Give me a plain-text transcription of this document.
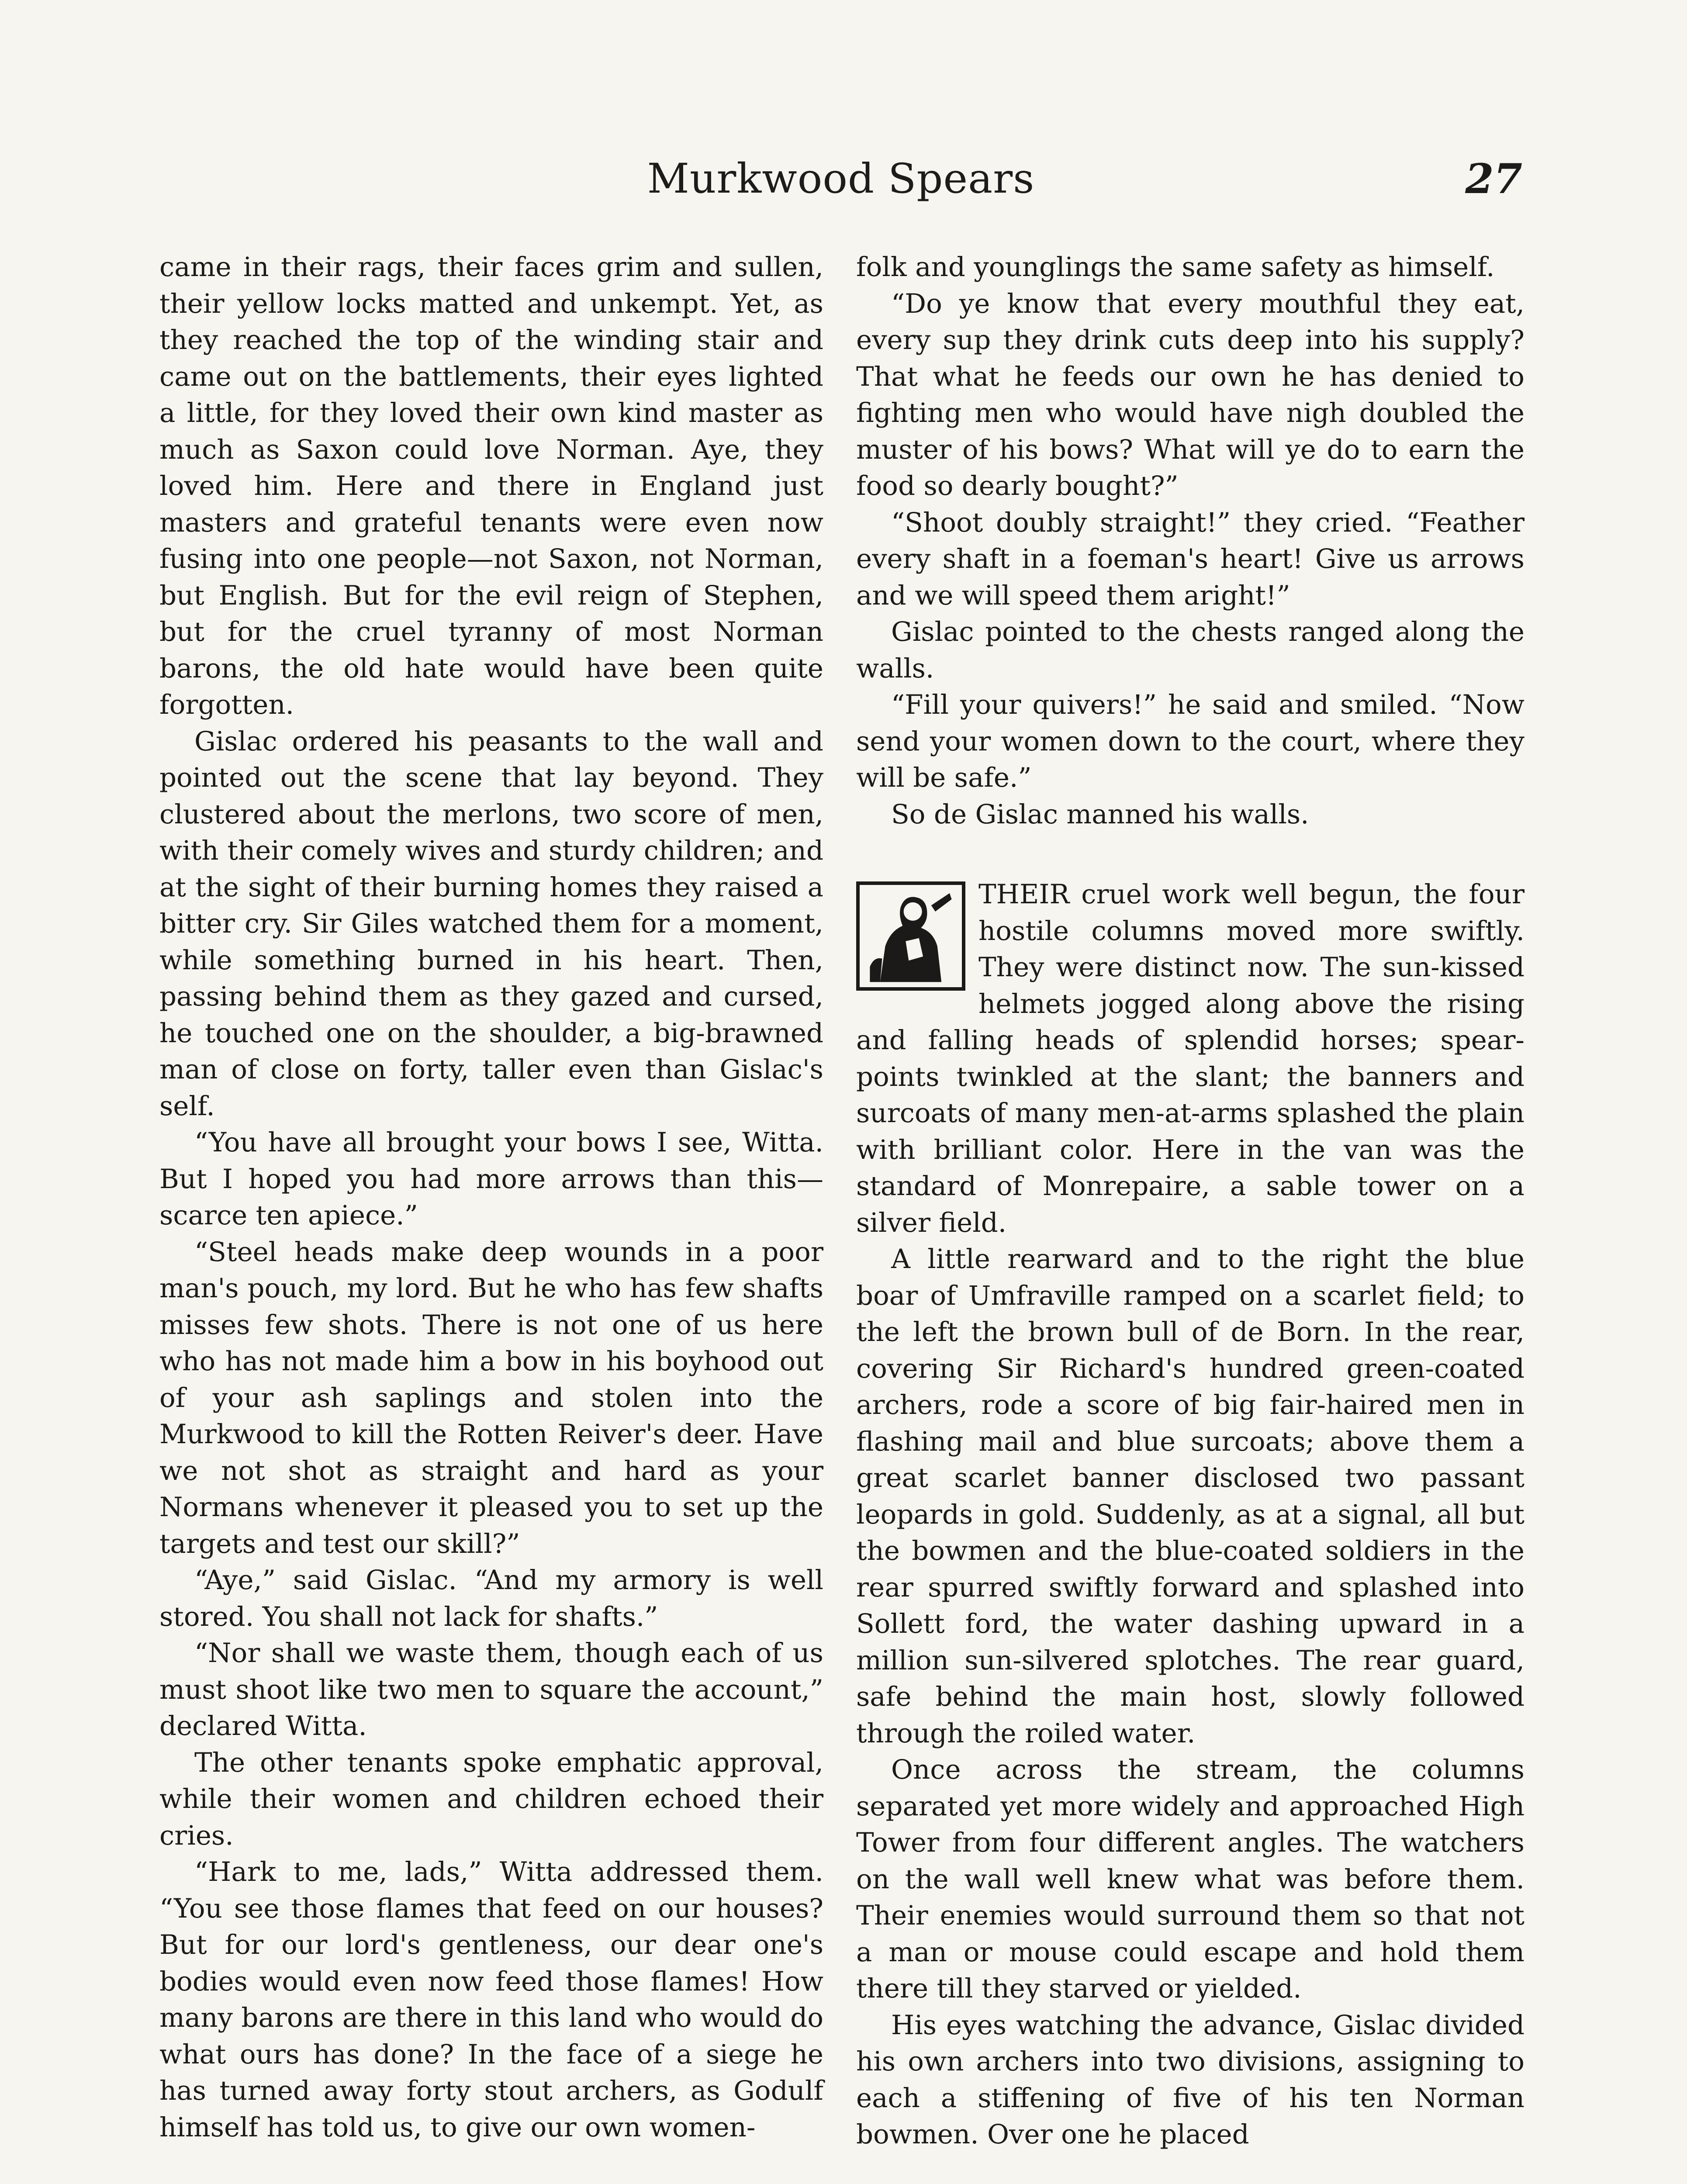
Murkwood Spears	27

came in their rags, their faces grim and sullen, their yellow locks matted and unkempt. Yet, as they reached the top of the winding stair and came out on the battlements, their eyes lighted a little, for they loved their own kind master as much as Saxon could love Norman. Aye, they loved him. Here and there in England just masters and grateful tenants were even now fusing into one people—not Saxon, not Norman, but English. But for the evil reign of Stephen, but for the cruel tyranny of most Norman barons, the old hate would have been quite forgotten.

Gislac ordered his peasants to the wall and pointed out the scene that lay beyond. They clustered about the merlons, two score of men, with their comely wives and sturdy children; and at the sight of their burning homes they raised a bitter cry. Sir Giles watched them for a moment, while something burned in his heart. Then, passing behind them as they gazed and cursed, he touched one on the shoulder, a big-brawned man of close on forty, taller even than Gislac's self.

“You have all brought your bows I see, Witta. But I hoped you had more arrows than this—scarce ten apiece.”

“Steel heads make deep wounds in a poor man's pouch, my lord. But he who has few shafts misses few shots. There is not one of us here who has not made him a bow in his boyhood out of your ash saplings and stolen into the Murkwood to kill the Rotten Reiver's deer. Have we not shot as straight and hard as your Normans whenever it pleased you to set up the targets and test our skill?”

“Aye,” said Gislac. “And my armory is well stored. You shall not lack for shafts.”

“Nor shall we waste them, though each of us must shoot like two men to square the account,” declared Witta.

The other tenants spoke emphatic approval, while their women and children echoed their cries.

“Hark to me, lads,” Witta addressed them. “You see those flames that feed on our houses? But for our lord's gentleness, our dear one's bodies would even now feed those flames! How many barons are there in this land who would do what ours has done? In the face of a siege he has turned away forty stout archers, as Godulf himself has told us, to give our own women-

folk and younglings the same safety as himself.

“Do ye know that every mouthful they eat, every sup they drink cuts deep into his supply? That what he feeds our own he has denied to fighting men who would have nigh doubled the muster of his bows? What will ye do to earn the food so dearly bought?”

“Shoot doubly straight!” they cried. “Feather every shaft in a foeman's heart! Give us arrows and we will speed them aright!”

Gislac pointed to the chests ranged along the walls.

“Fill your quivers!” he said and smiled. “Now send your women down to the court, where they will be safe.”

So de Gislac manned his walls.

THEIR cruel work well begun, the four hostile columns moved more swiftly. They were distinct now. The sun-kissed helmets jogged along above the rising and falling heads of splendid horses; spear-points twinkled at the slant; the banners and surcoats of many men-at-arms splashed the plain with brilliant color. Here in the van was the standard of Monrepaire, a sable tower on a silver field.

A little rearward and to the right the blue boar of Umfraville ramped on a scarlet field; to the left the brown bull of de Born. In the rear, covering Sir Richard's hundred green-coated archers, rode a score of big fair-haired men in flashing mail and blue surcoats; above them a great scarlet banner disclosed two passant leopards in gold. Suddenly, as at a signal, all but the bowmen and the blue-coated soldiers in the rear spurred swiftly forward and splashed into Sollett ford, the water dashing upward in a million sun-silvered splotches. The rear guard, safe behind the main host, slowly followed through the roiled water.

Once across the stream, the columns separated yet more widely and approached High Tower from four different angles. The watchers on the wall well knew what was before them. Their enemies would surround them so that not a man or mouse could escape and hold them there till they starved or yielded.

His eyes watching the advance, Gislac divided his own archers into two divisions, assigning to each a stiffening of five of his ten Norman bowmen. Over one he placed
